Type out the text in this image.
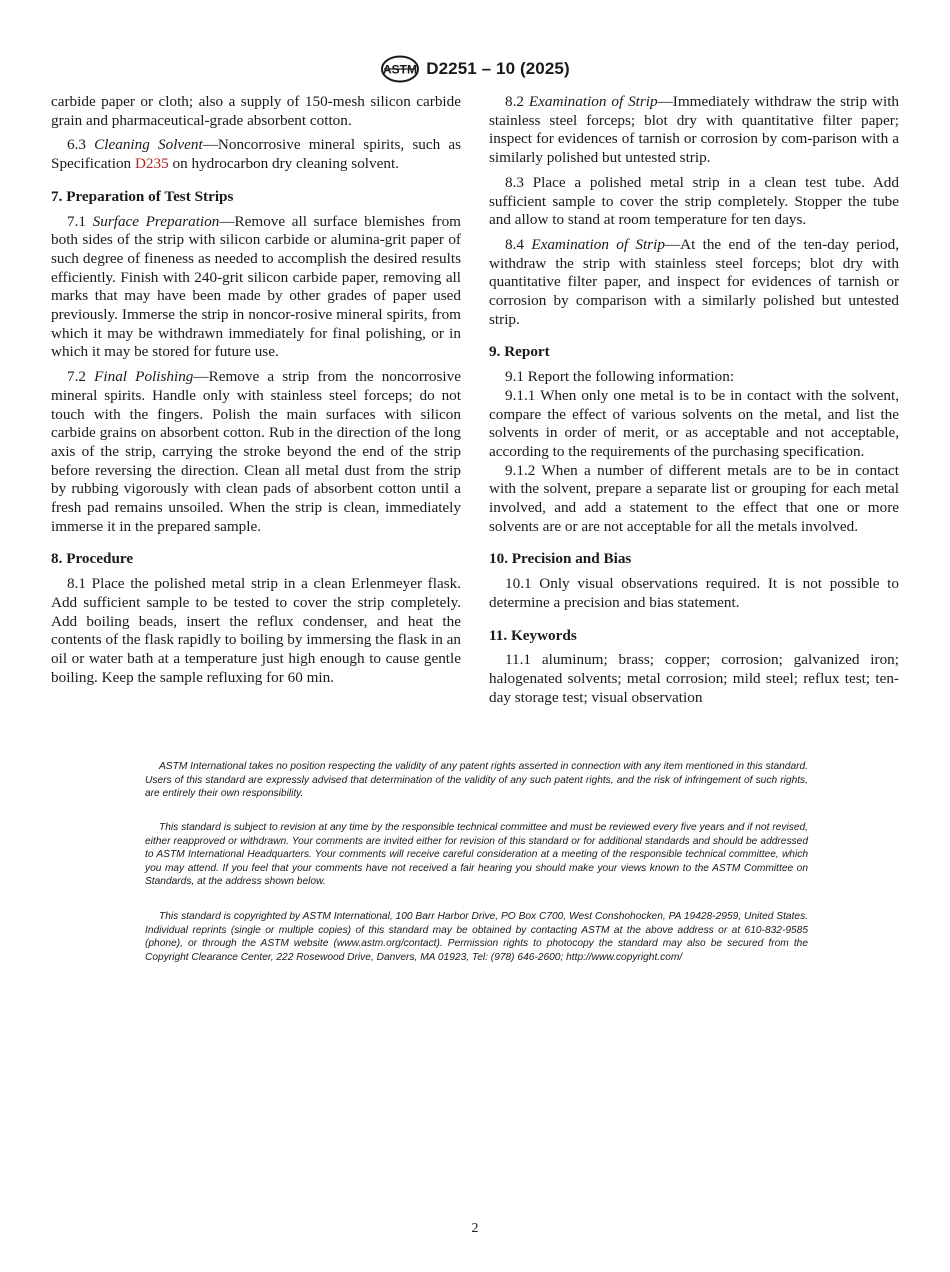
ASTM D2251 – 10 (2025)

carbide paper or cloth; also a supply of 150-mesh silicon carbide grain and pharmaceutical-grade absorbent cotton.

6.3 Cleaning Solvent—Noncorrosive mineral spirits, such as Specification D235 on hydrocarbon dry cleaning solvent.

7. Preparation of Test Strips

7.1 Surface Preparation—Remove all surface blemishes from both sides of the strip with silicon carbide or alumina-grit paper of such degree of fineness as needed to accomplish the desired results efficiently. Finish with 240-grit silicon carbide paper, removing all marks that may have been made by other grades of paper used previously. Immerse the strip in noncor-rosive mineral spirits, from which it may be withdrawn immediately for final polishing, or in which it may be stored for future use.

7.2 Final Polishing—Remove a strip from the noncorrosive mineral spirits. Handle only with stainless steel forceps; do not touch with the fingers. Polish the main surfaces with silicon carbide grains on absorbent cotton. Rub in the direction of the long axis of the strip, carrying the stroke beyond the end of the strip before reversing the direction. Clean all metal dust from the strip by rubbing vigorously with clean pads of absorbent cotton until a fresh pad remains unsoiled. When the strip is clean, immediately immerse it in the prepared sample.

8. Procedure

8.1 Place the polished metal strip in a clean Erlenmeyer flask. Add sufficient sample to be tested to cover the strip completely. Add boiling beads, insert the reflux condenser, and heat the contents of the flask rapidly to boiling by immersing the flask in an oil or water bath at a temperature just high enough to cause gentle boiling. Keep the sample refluxing for 60 min.

8.2 Examination of Strip—Immediately withdraw the strip with stainless steel forceps; blot dry with quantitative filter paper; inspect for evidences of tarnish or corrosion by com-parison with a similarly polished but untested strip.

8.3 Place a polished metal strip in a clean test tube. Add sufficient sample to cover the strip completely. Stopper the tube and allow to stand at room temperature for ten days.

8.4 Examination of Strip—At the end of the ten-day period, withdraw the strip with stainless steel forceps; blot dry with quantitative filter paper, and inspect for evidences of tarnish or corrosion by comparison with a similarly polished but untested strip.

9. Report

9.1 Report the following information:

9.1.1 When only one metal is to be in contact with the solvent, compare the effect of various solvents on the metal, and list the solvents in order of merit, or as acceptable and not acceptable, according to the requirements of the purchasing specification.

9.1.2 When a number of different metals are to be in contact with the solvent, prepare a separate list or grouping for each metal involved, and add a statement to the effect that one or more solvents are or are not acceptable for all the metals involved.

10. Precision and Bias

10.1 Only visual observations required. It is not possible to determine a precision and bias statement.

11. Keywords

11.1 aluminum; brass; copper; corrosion; galvanized iron; halogenated solvents; metal corrosion; mild steel; reflux test; ten-day storage test; visual observation

ASTM International takes no position respecting the validity of any patent rights asserted in connection with any item mentioned in this standard. Users of this standard are expressly advised that determination of the validity of any such patent rights, and the risk of infringement of such rights, are entirely their own responsibility.

This standard is subject to revision at any time by the responsible technical committee and must be reviewed every five years and if not revised, either reapproved or withdrawn. Your comments are invited either for revision of this standard or for additional standards and should be addressed to ASTM International Headquarters. Your comments will receive careful consideration at a meeting of the responsible technical committee, which you may attend. If you feel that your comments have not received a fair hearing you should make your views known to the ASTM Committee on Standards, at the address shown below.

This standard is copyrighted by ASTM International, 100 Barr Harbor Drive, PO Box C700, West Conshohocken, PA 19428-2959, United States. Individual reprints (single or multiple copies) of this standard may be obtained by contacting ASTM at the above address or at 610-832-9585 (phone), or through the ASTM website (www.astm.org/contact). Permission rights to photocopy the standard may also be secured from the Copyright Clearance Center, 222 Rosewood Drive, Danvers, MA 01923, Tel: (978) 646-2600; http://www.copyright.com/

2
